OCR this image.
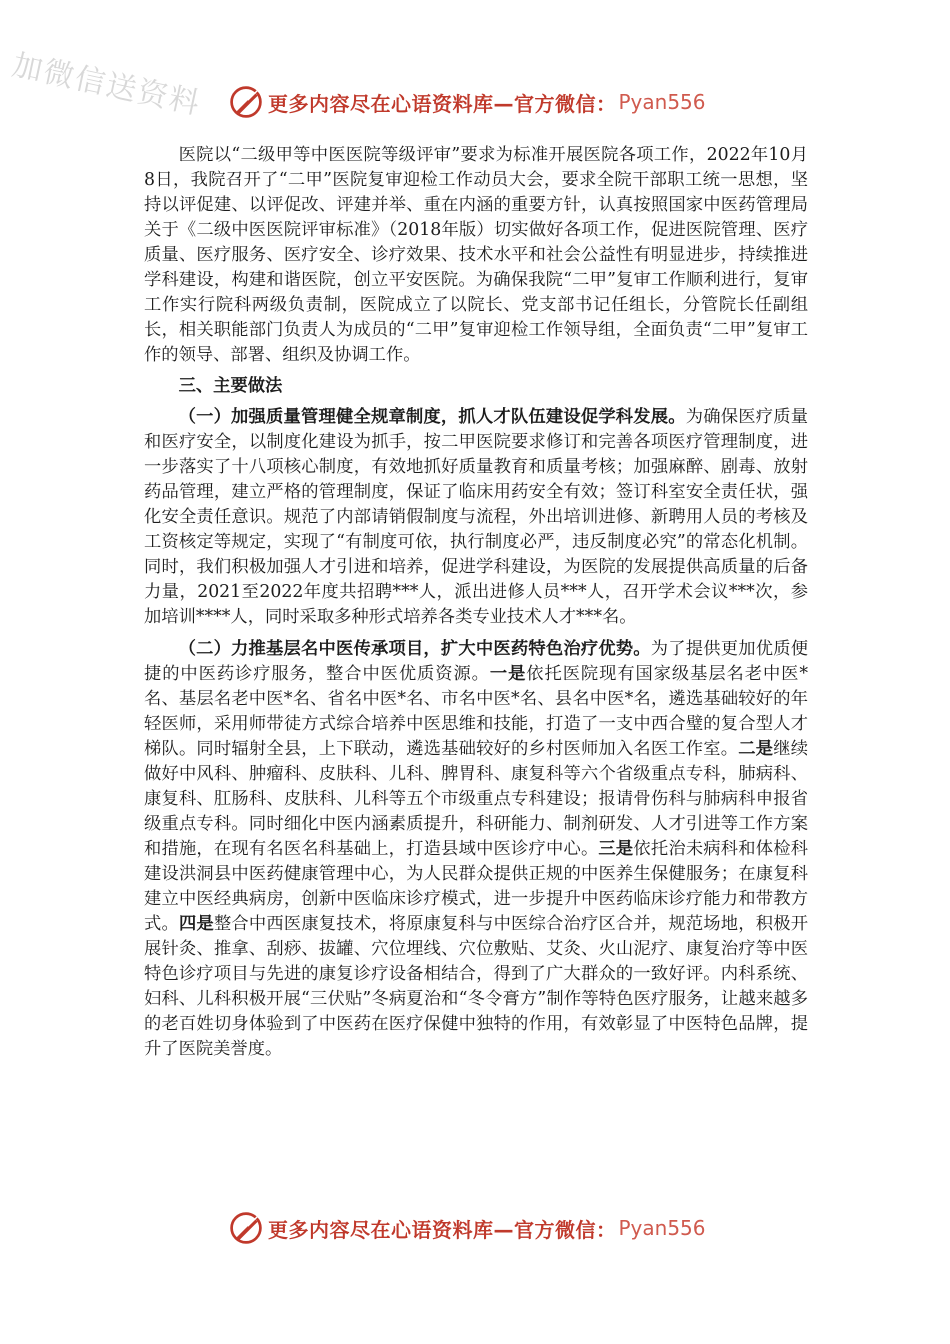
加微信送资料	更多内容尽在心语资料库—官方微信： Pyan556

医院以“二级甲等中医医院等级评审”要求为标准开展医院各项工作，2022年10月8日，我院召开了“二甲”医院复审迎检工作动员大会，要求全院干部职工统一思想，坚持以评促建、以评促改、评建并举、重在内涵的重要方针，认真按照国家中医药管理局关于《二级中医医院评审标准》（2018年版）切实做好各项工作，促进医院管理、医疗质量、医疗服务、医疗安全、诊疗效果、技术水平和社会公益性有明显进步，持续推进学科建设，构建和谐医院，创立平安医院。为确保我院“二甲”复审工作顺利进行，复审工作实行院科两级负责制，医院成立了以院长、党支部书记任组长，分管院长任副组长，相关职能部门负责人为成员的“二甲”复审迎检工作领导组，全面负责“二甲”复审工作的领导、部署、组织及协调工作。

三、主要做法

（一）加强质量管理健全规章制度，抓人才队伍建设促学科发展。为确保医疗质量和医疗安全，以制度化建设为抓手，按二甲医院要求修订和完善各项医疗管理制度，进一步落实了十八项核心制度，有效地抓好质量教育和质量考核；加强麻醉、剧毒、放射药品管理，建立严格的管理制度，保证了临床用药安全有效；签订科室安全责任状，强化安全责任意识。规范了内部请销假制度与流程，外出培训进修、新聘用人员的考核及工资核定等规定，实现了“有制度可依，执行制度必严，违反制度必究”的常态化机制。同时，我们积极加强人才引进和培养，促进学科建设，为医院的发展提供高质量的后备力量，2021至2022年度共招聘***人，派出进修人员***人，召开学术会议***次，参加培训****人，同时采取多种形式培养各类专业技术人才***名。

（二）力推基层名中医传承项目，扩大中医药特色治疗优势。为了提供更加优质便捷的中医药诊疗服务，整合中医优质资源。一是依托医院现有国家级基层名老中医*名、基层名老中医*名、省名中医*名、市名中医*名、县名中医*名，遴选基础较好的年轻医师，采用师带徒方式综合培养中医思维和技能，打造了一支中西合璧的复合型人才梯队。同时辐射全县，上下联动，遴选基础较好的乡村医师加入名医工作室。二是继续做好中风科、肿瘤科、皮肤科、儿科、脾胃科、康复科等六个省级重点专科，肺病科、康复科、肛肠科、皮肤科、儿科等五个市级重点专科建设；报请骨伤科与肺病科申报省级重点专科。同时细化中医内涵素质提升，科研能力、制剂研发、人才引进等工作方案和措施，在现有名医名科基础上，打造县域中医诊疗中心。三是依托治未病科和体检科建设洪洞县中医药健康管理中心，为人民群众提供正规的中医养生保健服务；在康复科建立中医经典病房，创新中医临床诊疗模式，进一步提升中医药临床诊疗能力和带教方式。四是整合中西医康复技术，将原康复科与中医综合治疗区合并，规范场地，积极开展针灸、推拿、刮痧、拔罐、穴位埋线、穴位敷贴、艾灸、火山泥疗、康复治疗等中医特色诊疗项目与先进的康复诊疗设备相结合，得到了广大群众的一致好评。内科系统、妇科、儿科积极开展“三伏贴”冬病夏治和“冬令膏方”制作等特色医疗服务，让越来越多的老百姓切身体验到了中医药在医疗保健中独特的作用，有效彰显了中医特色品牌，提升了医院美誉度。

更多内容尽在心语资料库—官方微信： Pyan556
